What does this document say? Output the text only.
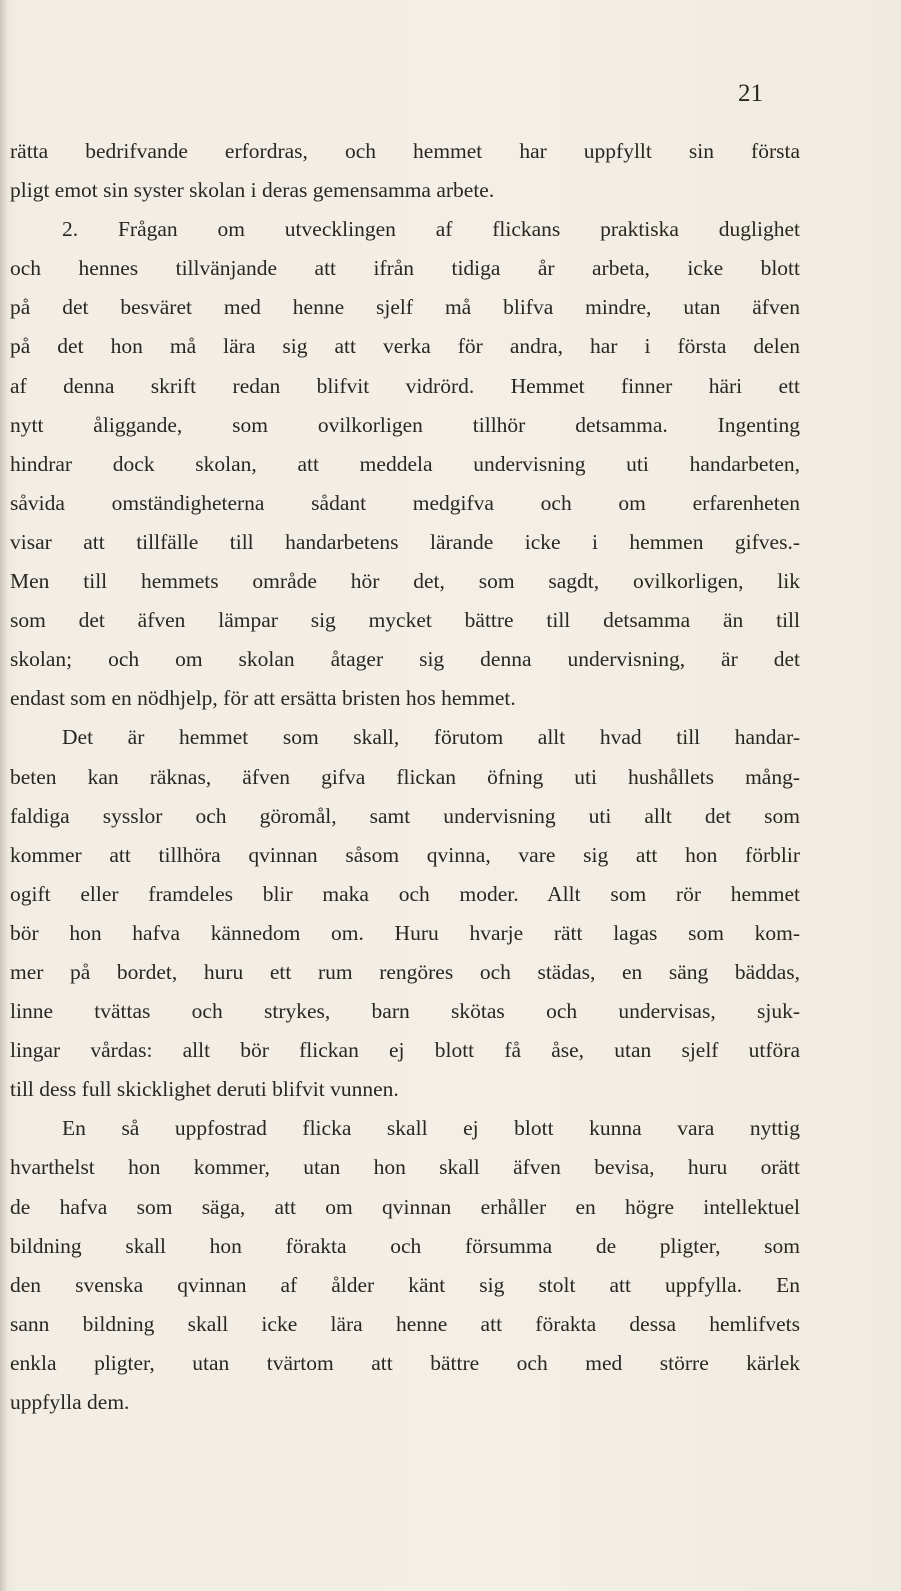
21
rätta bedrifvande erfordras, och hemmet har uppfyllt sin första
pligt emot sin syster skolan i deras gemensamma arbete.
2. Frågan om utvecklingen af flickans praktiska duglighet
och hennes tillvänjande att ifrån tidiga år arbeta, icke blott
på det besväret med henne sjelf må blifva mindre, utan äfven
på det hon må lära sig att verka för andra, har i första delen
af denna skrift redan blifvit vidrörd. Hemmet finner häri ett
nytt åliggande, som ovilkorligen tillhör detsamma. Ingenting
hindrar dock skolan, att meddela undervisning uti handarbeten,
såvida omständigheterna sådant medgifva och om erfarenheten
visar att tillfälle till handarbetens lärande icke i hemmen gifves.-
Men till hemmets område hör det, som sagdt, ovilkorligen, lik
som det äfven lämpar sig mycket bättre till detsamma än till
skolan; och om skolan åtager sig denna undervisning, är det
endast som en nödhjelp, för att ersätta bristen hos hemmet.
Det är hemmet som skall, förutom allt hvad till handar-
beten kan räknas, äfven gifva flickan öfning uti hushållets mång-
faldiga sysslor och göromål, samt undervisning uti allt det som
kommer att tillhöra qvinnan såsom qvinna, vare sig att hon förblir
ogift eller framdeles blir maka och moder. Allt som rör hemmet
bör hon hafva kännedom om. Huru hvarje rätt lagas som kom-
mer på bordet, huru ett rum rengöres och städas, en säng bäddas,
linne tvättas och strykes, barn skötas och undervisas, sjuk-
lingar vårdas: allt bör flickan ej blott få åse, utan sjelf utföra
till dess full skicklighet deruti blifvit vunnen.
En så uppfostrad flicka skall ej blott kunna vara nyttig
hvarthelst hon kommer, utan hon skall äfven bevisa, huru orätt
de hafva som säga, att om qvinnan erhåller en högre intellektuel
bildning skall hon förakta och försumma de pligter, som
den svenska qvinnan af ålder känt sig stolt att uppfylla. En
sann bildning skall icke lära henne att förakta dessa hemlifvets
enkla pligter, utan tvärtom att bättre och med större kärlek
uppfylla dem.
